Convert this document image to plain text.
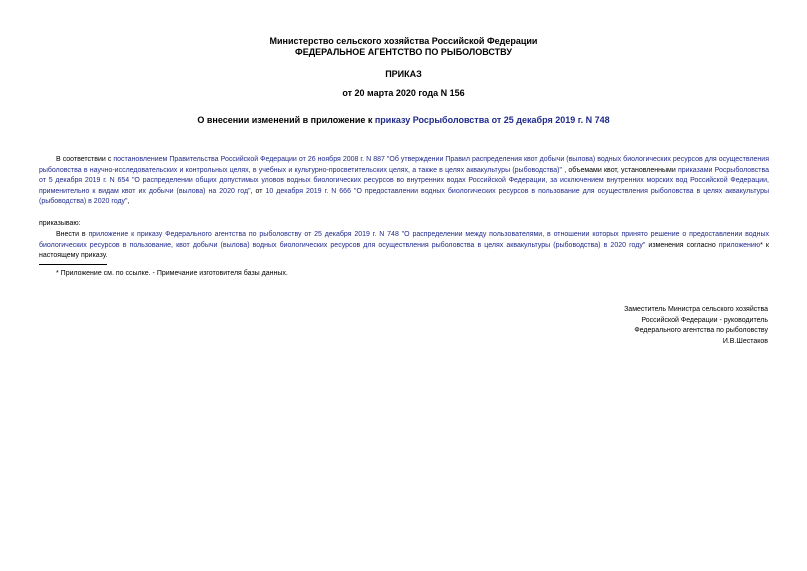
Министерство сельского хозяйства Российской Федерации
ФЕДЕРАЛЬНОЕ АГЕНТСТВО ПО РЫБОЛОВСТВУ
ПРИКАЗ
от 20 марта 2020 года N 156
О внесении изменений в приложение к приказу Росрыболовства от 25 декабря 2019 г. N 748
В соответствии с постановлением Правительства Российской Федерации от 26 ноября 2008 г. N 887 "Об утверждении Правил распределения квот добычи (вылова) водных биологических ресурсов для осуществления рыболовства в научно-исследовательских и контрольных целях, в учебных и культурно-просветительских целях, а также в целях аквакультуры (рыбоводства)" , объемами квот, установленными приказами Росрыболовства от 5 декабря 2019 г. N 654 "О распределении общих допустимых уловов водных биологических ресурсов во внутренних водах Российской Федерации, за исключением внутренних морских вод Российской Федерации, применительно к видам квот их добычи (вылова) на 2020 год", от 10 декабря 2019 г. N 666 "О предоставлении водных биологических ресурсов в пользование для осуществления рыболовства в целях аквакультуры (рыбоводства) в 2020 году",
приказываю:
Внести в приложение к приказу Федерального агентства по рыболовству от 25 декабря 2019 г. N 748 "О распределении между пользователями, в отношении которых принято решение о предоставлении водных биологических ресурсов в пользование, квот добычи (вылова) водных биологических ресурсов для осуществления рыболовства в целях аквакультуры (рыбоводства) в 2020 году" изменения согласно приложению* к настоящему приказу.
* Приложение см. по ссылке. - Примечание изготовителя базы данных.
Заместитель Министра сельского хозяйства
Российской Федерации - руководитель
Федерального агентства по рыболовству
И.В.Шестаков
